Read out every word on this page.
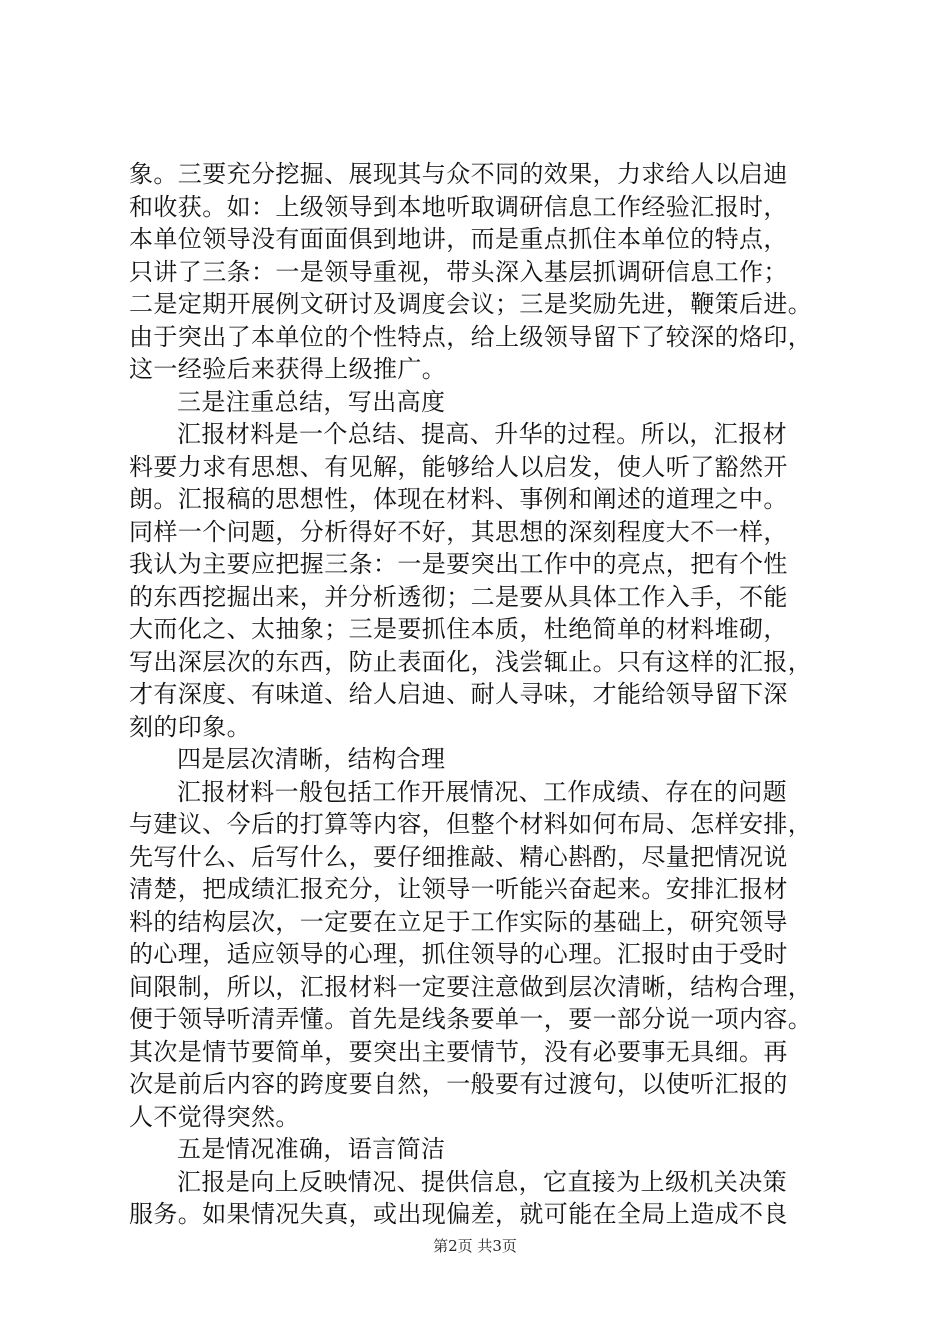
象。三要充分挖掘、展现其与众不同的效果，力求给人以启迪
和收获。如：上级领导到本地听取调研信息工作经验汇报时，
本单位领导没有面面俱到地讲，而是重点抓住本单位的特点，
只讲了三条：一是领导重视，带头深入基层抓调研信息工作；
二是定期开展例文研讨及调度会议；三是奖励先进，鞭策后进。
由于突出了本单位的个性特点，给上级领导留下了较深的烙印，
这一经验后来获得上级推广。
三是注重总结，写出高度
汇报材料是一个总结、提高、升华的过程。所以，汇报材
料要力求有思想、有见解，能够给人以启发，使人听了豁然开
朗。汇报稿的思想性，体现在材料、事例和阐述的道理之中。
同样一个问题，分析得好不好，其思想的深刻程度大不一样，
我认为主要应把握三条：一是要突出工作中的亮点，把有个性
的东西挖掘出来，并分析透彻；二是要从具体工作入手，不能
大而化之、太抽象；三是要抓住本质，杜绝简单的材料堆砌，
写出深层次的东西，防止表面化，浅尝辄止。只有这样的汇报，
才有深度、有味道、给人启迪、耐人寻味，才能给领导留下深
刻的印象。
四是层次清晰，结构合理
汇报材料一般包括工作开展情况、工作成绩、存在的问题
与建议、今后的打算等内容，但整个材料如何布局、怎样安排，
先写什么、后写什么，要仔细推敲、精心斟酌，尽量把情况说
清楚，把成绩汇报充分，让领导一听能兴奋起来。安排汇报材
料的结构层次，一定要在立足于工作实际的基础上，研究领导
的心理，适应领导的心理，抓住领导的心理。汇报时由于受时
间限制，所以，汇报材料一定要注意做到层次清晰，结构合理，
便于领导听清弄懂。首先是线条要单一，要一部分说一项内容。
其次是情节要简单，要突出主要情节，没有必要事无具细。再
次是前后内容的跨度要自然，一般要有过渡句，以使听汇报的
人不觉得突然。
五是情况准确，语言简洁
汇报是向上反映情况、提供信息，它直接为上级机关决策
服务。如果情况失真，或出现偏差，就可能在全局上造成不良
第2页 共3页
